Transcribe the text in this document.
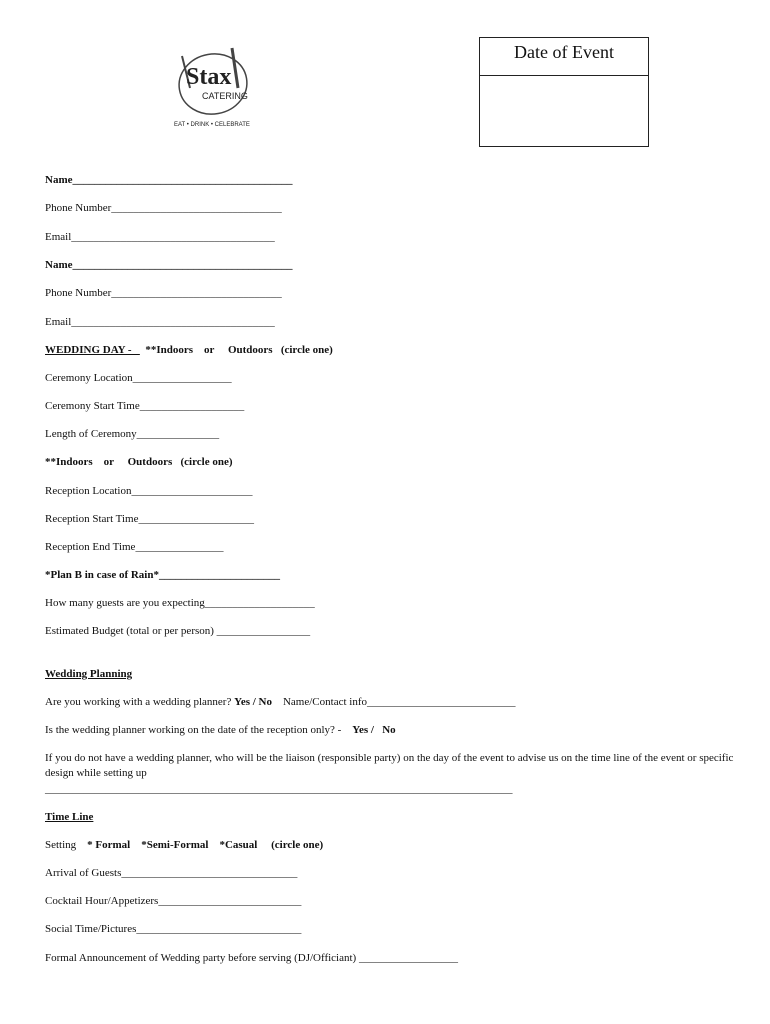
Stax
CATERING
EAT • DRINK • CELEBRATE
Date of Event
Name________________________________________
Phone Number_______________________________
Email_____________________________________
Name________________________________________
Phone Number_______________________________
Email_____________________________________
WEDDING DAY -     **Indoors    or     Outdoors   (circle one)
Ceremony Location__________________
Ceremony Start Time___________________
Length of Ceremony_______________
**Indoors    or     Outdoors   (circle one)
Reception Location______________________
Reception Start Time_____________________
Reception End Time________________
*Plan B in case of Rain*______________________
How many guests are you expecting____________________
Estimated Budget (total or per person) _________________
Wedding Planning
Are you working with a wedding planner? Yes / No    Name/Contact info___________________________
Is the wedding planner working on the date of the reception only? -    Yes /   No
If you do not have a wedding planner, who will be the liaison (responsible party) on the day of the event to advise us on the time line of the event or specific design while setting up
_____________________________________________________________________________________
Time Line
Setting    * Formal    *Semi-Formal    *Casual     (circle one)
Arrival of Guests________________________________
Cocktail Hour/Appetizers__________________________
Social Time/Pictures______________________________
Formal Announcement of Wedding party before serving (DJ/Officiant) __________________
